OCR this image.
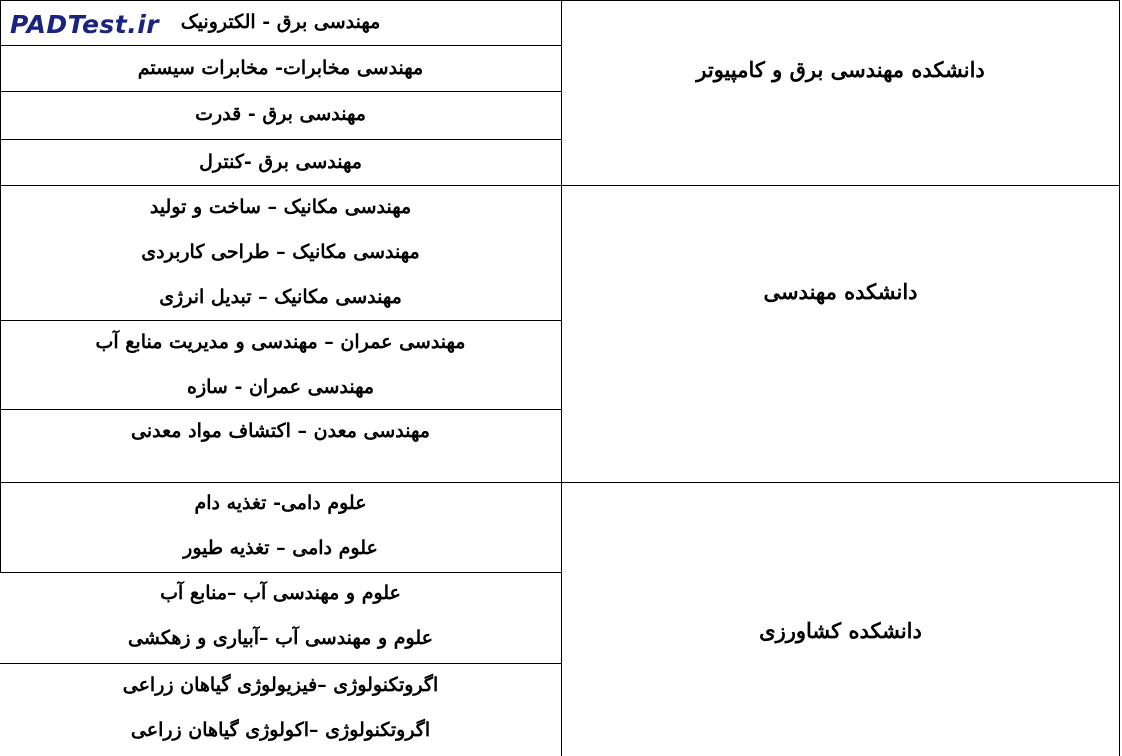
PADTest.ir
دانشکده مهندسی برق و کامپیوتر
دانشکده مهندسی
دانشکده کشاورزی
مهندسی برق - الکترونیک
مهندسی مخابرات- مخابرات سیستم
مهندسی برق - قدرت
مهندسی برق -کنترل
مهندسی مکانیک – ساخت و تولید
مهندسی مکانیک – طراحی کاربردی
مهندسی مکانیک – تبدیل انرژی
مهندسی عمران – مهندسی و مدیریت منابع آب
مهندسی عمران - سازه
مهندسی معدن – اکتشاف مواد معدنی
علوم دامی- تغذیه دام
علوم دامی – تغذیه طیور
علوم و مهندسی آب –منابع آب
علوم و مهندسی آب –آبیاری و زهکشی
اگروتکنولوژی –فیزیولوژی گیاهان زراعی
اگروتکنولوژی –اکولوژی گیاهان زراعی
